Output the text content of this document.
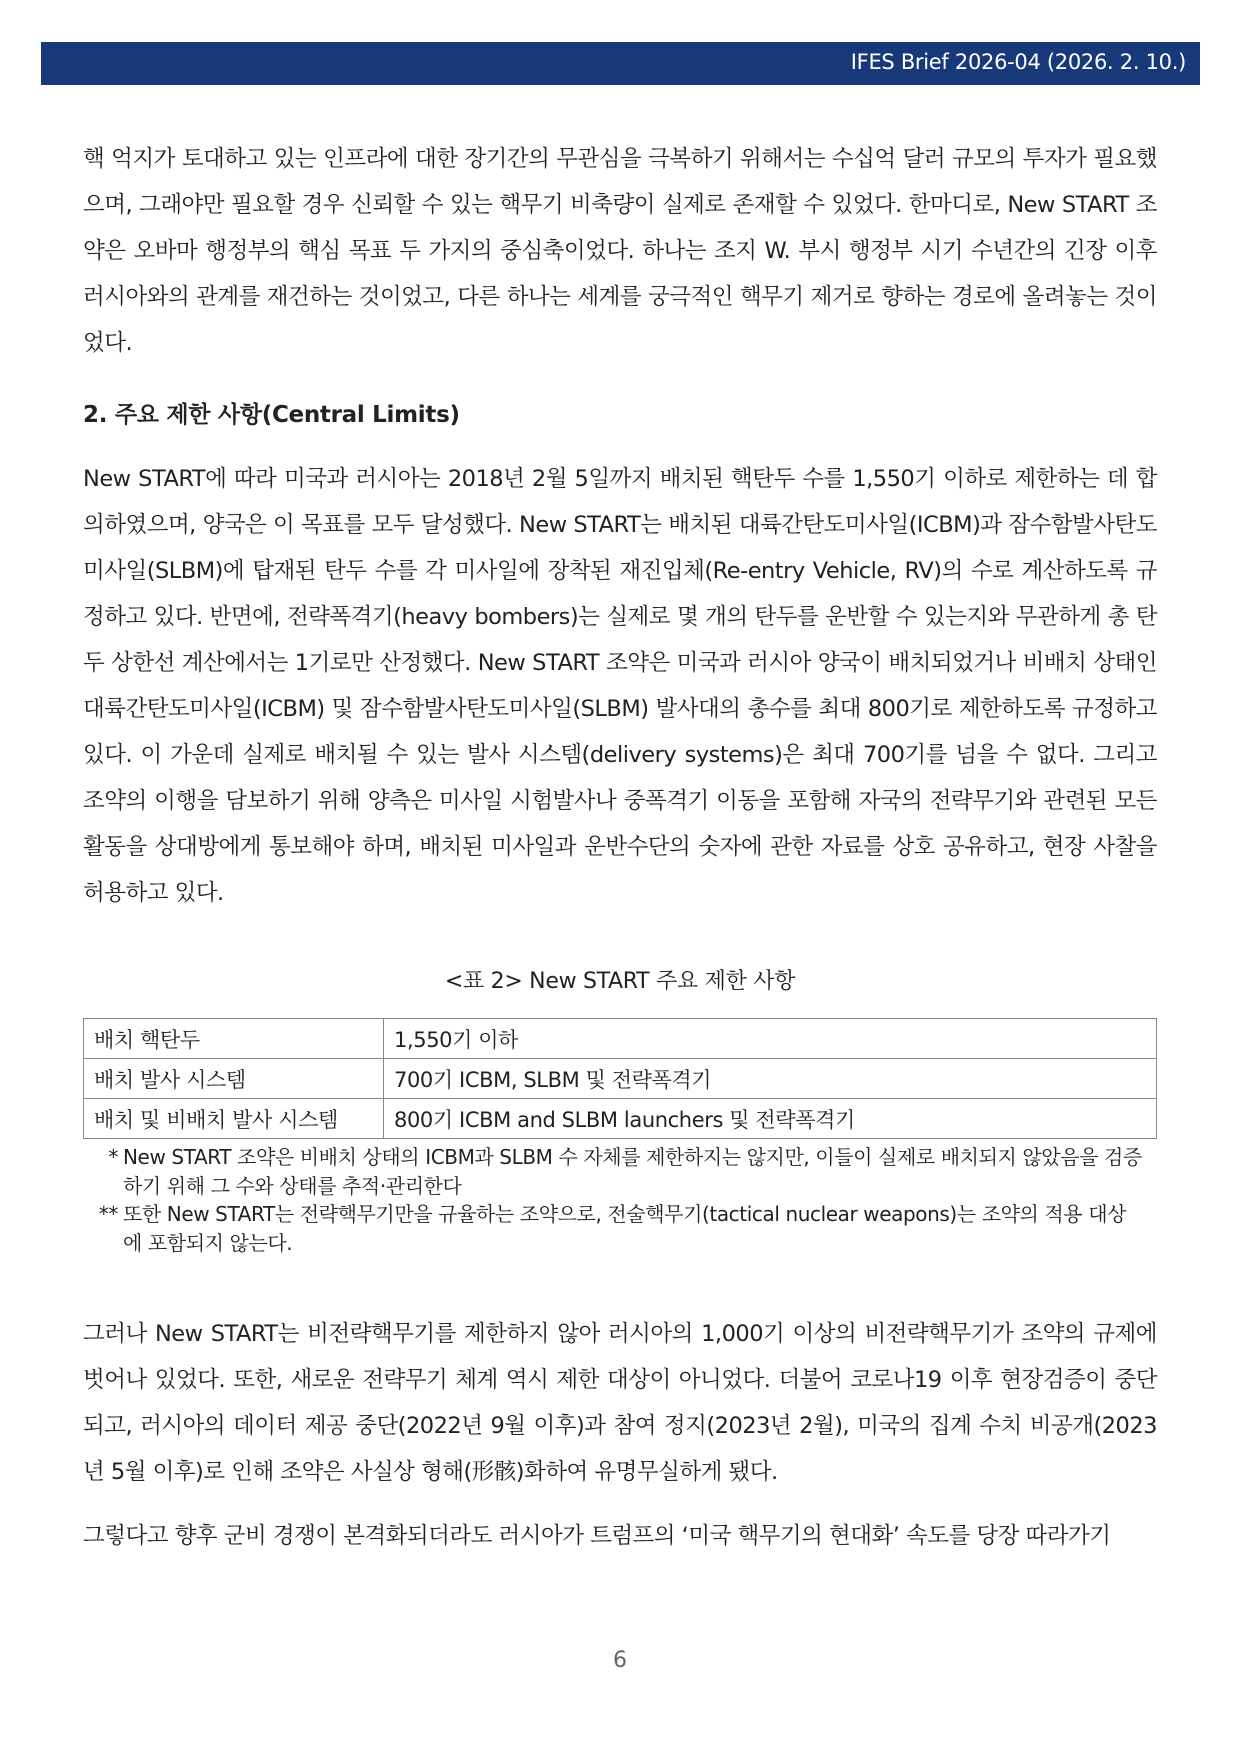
IFES Brief 2026-04 (2026. 2. 10.)

핵 억지가 토대하고 있는 인프라에 대한 장기간의 무관심을 극복하기 위해서는 수십억 달러 규모의 투자가 필요했으며, 그래야만 필요할 경우 신뢰할 수 있는 핵무기 비축량이 실제로 존재할 수 있었다. 한마디로, New START 조약은 오바마 행정부의 핵심 목표 두 가지의 중심축이었다. 하나는 조지 W. 부시 행정부 시기 수년간의 긴장 이후 러시아와의 관계를 재건하는 것이었고, 다른 하나는 세계를 궁극적인 핵무기 제거로 향하는 경로에 올려놓는 것이었다.

2. 주요 제한 사항(Central Limits)

New START에 따라 미국과 러시아는 2018년 2월 5일까지 배치된 핵탄두 수를 1,550기 이하로 제한하는 데 합의하였으며, 양국은 이 목표를 모두 달성했다. New START는 배치된 대륙간탄도미사일(ICBM)과 잠수함발사탄도미사일(SLBM)에 탑재된 탄두 수를 각 미사일에 장착된 재진입체(Re-entry Vehicle, RV)의 수로 계산하도록 규정하고 있다. 반면에, 전략폭격기(heavy bombers)는 실제로 몇 개의 탄두를 운반할 수 있는지와 무관하게 총 탄두 상한선 계산에서는 1기로만 산정했다. New START 조약은 미국과 러시아 양국이 배치되었거나 비배치 상태인 대륙간탄도미사일(ICBM) 및 잠수함발사탄도미사일(SLBM) 발사대의 총수를 최대 800기로 제한하도록 규정하고 있다. 이 가운데 실제로 배치될 수 있는 발사 시스템(delivery systems)은 최대 700기를 넘을 수 없다. 그리고 조약의 이행을 담보하기 위해 양측은 미사일 시험발사나 중폭격기 이동을 포함해 자국의 전략무기와 관련된 모든 활동을 상대방에게 통보해야 하며, 배치된 미사일과 운반수단의 숫자에 관한 자료를 상호 공유하고, 현장 사찰을 허용하고 있다.

<표 2> New START 주요 제한 사항
배치 핵탄두	1,550기 이하
배치 발사 시스템	700기 ICBM, SLBM 및 전략폭격기
배치 및 비배치 발사 시스템	800기 ICBM and SLBM launchers 및 전략폭격기
* New START 조약은 비배치 상태의 ICBM과 SLBM 수 자체를 제한하지는 않지만, 이들이 실제로 배치되지 않았음을 검증하기 위해 그 수와 상태를 추적·관리한다
** 또한 New START는 전략핵무기만을 규율하는 조약으로, 전술핵무기(tactical nuclear weapons)는 조약의 적용 대상에 포함되지 않는다.

그러나 New START는 비전략핵무기를 제한하지 않아 러시아의 1,000기 이상의 비전략핵무기가 조약의 규제에 벗어나 있었다. 또한, 새로운 전략무기 체계 역시 제한 대상이 아니었다. 더불어 코로나19 이후 현장검증이 중단되고, 러시아의 데이터 제공 중단(2022년 9월 이후)과 참여 정지(2023년 2월), 미국의 집계 수치 비공개(2023년 5월 이후)로 인해 조약은 사실상 형해(形骸)화하여 유명무실하게 됐다.

그렇다고 향후 군비 경쟁이 본격화되더라도 러시아가 트럼프의 ‘미국 핵무기의 현대화’ 속도를 당장 따라가기

6
